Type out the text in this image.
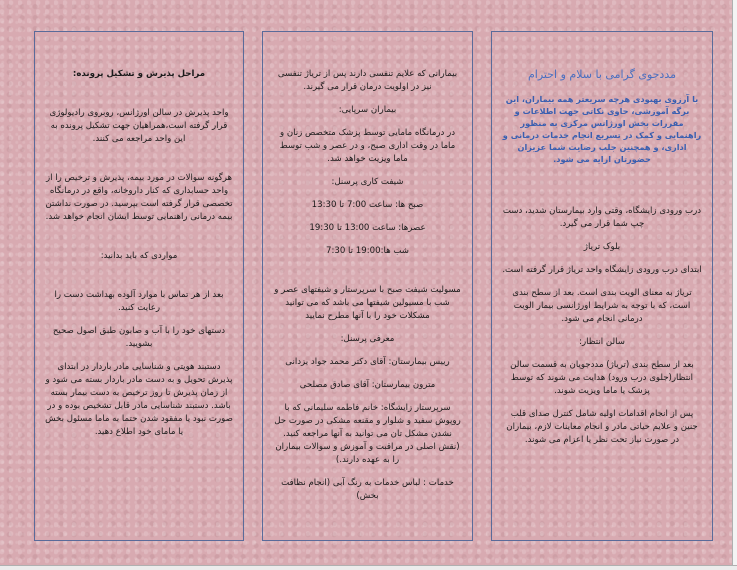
مددجوی گرامی با سلام و احترام

با آرزوی بهبودی هرچه سریعتر همه بیماران، این برگه آموزشی، حاوی نکاتی جهت اطلاعات و مقررات بخش اورژانس مرکزی به منظور راهنمایی و کمک در تسریع انجام خدمات درمانی و اداری، و همچنین جلب رضایت شما عزیزان حضورتان ارایه می شود.

درب ورودی زایشگاه، وقتی وارد بیمارستان شدید، دست چپ شما قرار می گیرد.

بلوک تریاژ

ابتدای درب ورودی زایشگاه واحد تریاژ قرار گرفته است.

تریاژ به معنای الویت بندی است. بعد از سطح بندی است، که با توجه به شرایط اورژانسی بیمار الویت درمانی انجام می شود.

سالن انتظار:

بعد از سطح بندی (تریاژ) مددجویان به قسمت سالن انتظار(جلوی درب ورود) هدایت می شوند که توسط پزشک یا ماما ویزیت شوند.

پس از انجام اقدامات اولیه شامل کنترل صدای قلب جنین و علایم حیاتی مادر و انجام معاینات لازم، بیماران در صورت نیاز تحت نظر یا اعزام می شوند.

بیمارانی که علایم تنفسی دارند پس از تریاژ تنفسی نیز در اولویت درمان قرار می گیرند.

بیماران سرپایی:

در درمانگاه مامایی توسط پزشک متخصص زنان و ماما در وقت اداری صبح، و در عصر و شب توسط ماما ویزیت خواهد شد.

شیفت کاری پرسنل:

صبح ها: ساعت 7:00 تا 13:30

عصرها: ساعت 13:00 تا 19:30

شب ها:19:00 تا 7:30

مسولیت شیفت صبح با سرپرستار و شیفتهای عصر و شب با مسیولین شیفتها می باشد که می توانید مشکلات خود را با آنها مطرح نمایید

معرفی پرسنل:

رییس بیمارستان: آقای دکتر محمد جواد یزدانی

مترون بیمارستان: آقای صادق مصلحی

سرپرستار زایشگاه: خانم فاطمه سلیمانی که با روپوش سفید و شلوار و مقنعه مشکی در صورت حل نشدن مشکل تان می توانید به آنها مراجعه کنید.(نقش اصلی در مراقبت و آموزش و سوالات بیماران را به عهده دارند.)

خدمات : لباس خدمات به رنگ آبی (انجام نظافت بخش)

مراحل پذیرش و تشکیل پرونده:

واحد پذیرش در سالن اورژانس، روبروی رادیولوژی قرار گرفته است،همراهیان جهت تشکیل پرونده به این واحد مراجعه می کنند.

هرگونه سوالات در مورد بیمه، پذیرش و ترخیص را از واحد حسابداری که کنار داروخانه، واقع در درمانگاه تخصصی قرار گرفته است بپرسید. در صورت نداشتن بیمه درمانی راهنمایی توسط ایشان انجام خواهد شد.

مواردی که باید بدانید:

بعد از هر تماس با موارد آلوده بهداشت دست را رعایت کنید.

دستهای خود را با آب و صابون طبق اصول صحیح بشویید.

دستبند هویتی و شناسایی مادر باردار در ابتدای پذیرش تحویل و به دست مادر باردار بسته می شود و از زمان پذیرش تا روز ترخیص به دست بیمار بسته باشد. دستبند شناسایی مادر قابل تشخیص بوده و در صورت نبود یا مفقود شدن حتما به ماما مسئول بخش یا مامای خود اطلاع دهید.
